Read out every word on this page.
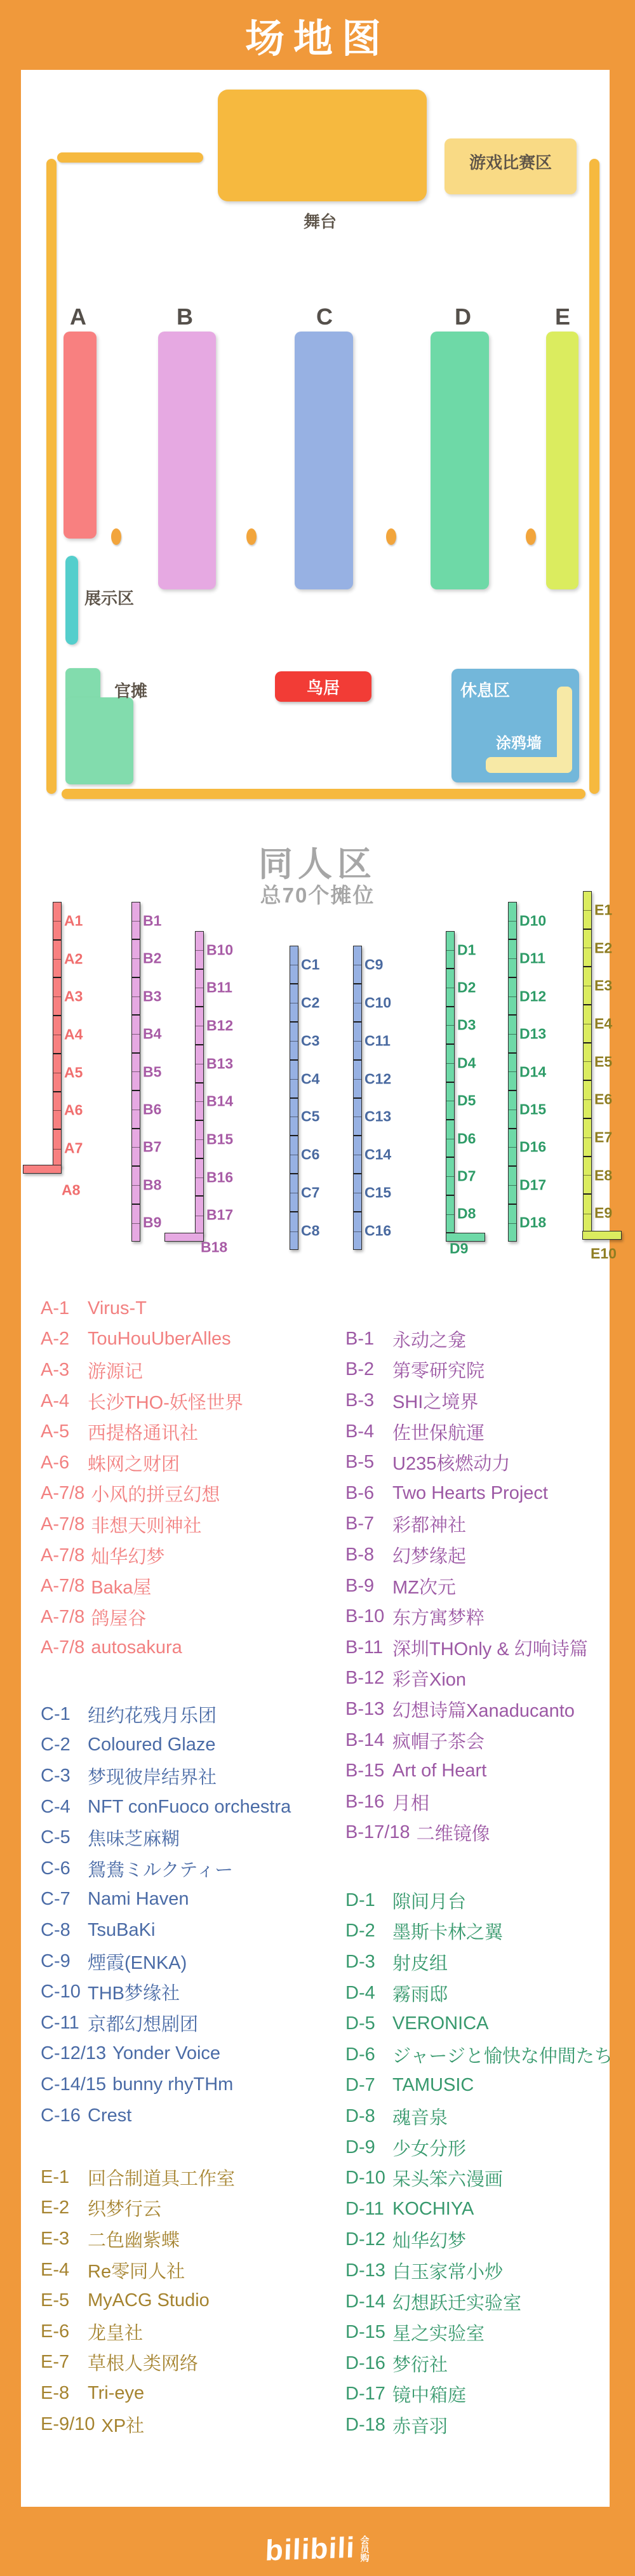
场地图
舞台
游戏比赛区
A	B	C	D	E
展示区
官摊	鸟居	休息区
涂鸦墙
同人区
总70个摊位
A1
A2
A3
A4
A5
A6
A7
A8
B1
B2
B3
B4
B5
B6
B7
B8
B9
B10
B11
B12
B13
B14
B15
B16
B17
B18
C1
C2
C3
C4
C5
C6
C7
C8
C9
C10
C11
C12
C13
C14
C15
C16
D1
D2
D3
D4
D5
D6
D7
D8
D9
D10
D11
D12
D13
D14
D15
D16
D17
D18
E1
E2
E3
E4
E5
E6
E7
E8
E9
E10
A-1 Virus-T
A-2 TouHouUberAlles
A-3 游源记
A-4 长沙THO-妖怪世界
A-5 西提格通讯社
A-6 蛛网之财团
A-7/8 小风的拼豆幻想
A-7/8 非想天则神社
A-7/8 灿华幻梦
A-7/8 Baka屋
A-7/8 鸽屋谷
A-7/8 autosakura
B-1 永动之龛
B-2 第零研究院
B-3 SHI之境界
B-4 佐世保航運
B-5 U235核燃动力
B-6 Two Hearts Project
B-7 彩都神社
B-8 幻梦缘起
B-9 MZ次元
B-10 东方寓梦粹
B-11 深圳THOnly & 幻响诗篇
B-12 彩音Xion
B-13 幻想诗篇Xanaducanto
B-14 疯帽子茶会
B-15 Art of Heart
B-16 月相
B-17/18 二维镜像
C-1 纽约花残月乐团
C-2 Coloured Glaze
C-3 梦现彼岸结界社
C-4 NFT conFuoco orchestra
C-5 焦味芝麻糊
C-6 鴛鴦ミルクティー
C-7 Nami Haven
C-8 TsuBaKi
C-9 煙霞(ENKA)
C-10 THB梦缘社
C-11 京都幻想剧团
C-12/13 Yonder Voice
C-14/15 bunny rhyTHm
C-16 Crest
D-1 隙间月台
D-2 墨斯卡林之翼
D-3 射皮组
D-4 霧雨邸
D-5 VERONICA
D-6 ジャージと愉快な仲間たち
D-7 TAMUSIC
D-8 魂音泉
D-9 少女分形
D-10 呆头笨六漫画
D-11 KOCHIYA
D-12 灿华幻梦
D-13 白玉家常小炒
D-14 幻想跃迁实验室
D-15 星之实验室
D-16 梦衍社
D-17 镜中箱庭
D-18 赤音羽
E-1 回合制道具工作室
E-2 织梦行云
E-3 二色幽紫蝶
E-4 Re零同人社
E-5 MyACG Studio
E-6 龙皇社
E-7 草根人类网络
E-8 Tri-eye
E-9/10 XP社
bilibili 会员购
